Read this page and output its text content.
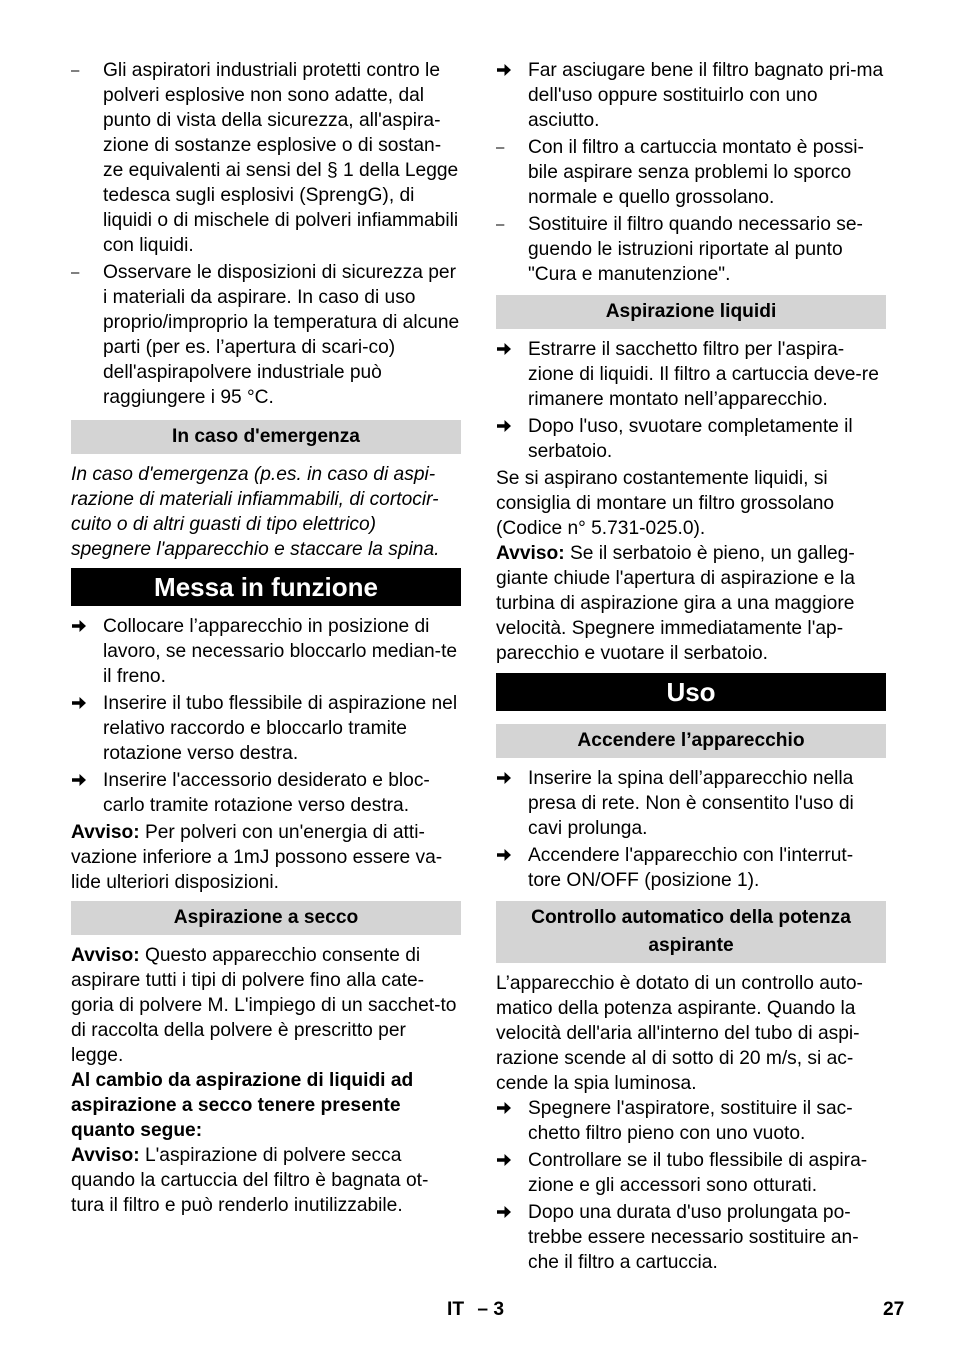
–	Gli aspiratori industriali protetti contro le polveri esplosive non sono adatte, dal punto di vista della sicurezza, all'aspira-zione di sostanze esplosive o di sostan-ze equivalenti ai sensi del § 1 della Legge tedesca sugli esplosivi (SprengG), di liquidi o di mischele di polveri infiammabili con liquidi.

–	Osservare le disposizioni di sicurezza per i materiali da aspirare. In caso di uso proprio/improprio la temperatura di alcune parti (per es. l’apertura di scari-co) dell'aspirapolvere industriale può raggiungere i 95 °C.

In caso d'emergenza

In caso d'emergenza (p.es. in caso di aspi-razione di materiali infiammabili, di cortocir-cuito o di altri guasti di tipo elettrico) spegnere l'apparecchio e staccare la spina.

Messa in funzione

Collocare l’apparecchio in posizione di lavoro, se necessario bloccarlo median-te il freno.

Inserire il tubo flessibile di aspirazione nel relativo raccordo e bloccarlo tramite rotazione verso destra.

Inserire l'accessorio desiderato e bloc-carlo tramite rotazione verso destra.

Avviso: Per polveri con un'energia di atti-vazione inferiore a 1mJ possono essere va-lide ulteriori disposizioni.

Aspirazione a secco

Avviso: Questo apparecchio consente di aspirare tutti i tipi di polvere fino alla cate-goria di polvere M. L'impiego di un sacchet-to di raccolta della polvere è prescritto per legge.

Al cambio da aspirazione di liquidi ad aspirazione a secco tenere presente quanto segue:

Avviso: L'aspirazione di polvere secca quando la cartuccia del filtro è bagnata ot-tura il filtro e può renderlo inutilizzabile.

Far asciugare bene il filtro bagnato pri-ma dell'uso oppure sostituirlo con uno asciutto.

–	Con il filtro a cartuccia montato è possi-bile aspirare senza problemi lo sporco normale e quello grossolano.

–	Sostituire il filtro quando necessario se-guendo le istruzioni riportate al punto "Cura e manutenzione".

Aspirazione liquidi

Estrarre il sacchetto filtro per l'aspira-zione di liquidi. Il filtro a cartuccia deve-re rimanere montato nell’apparecchio.

Dopo l'uso, svuotare completamente il serbatoio.

Se si aspirano costantemente liquidi, si consiglia di montare un filtro grossolano (Codice n° 5.731-025.0).

Avviso: Se il serbatoio è pieno, un galleg-giante chiude l'apertura di aspirazione e la turbina di aspirazione gira a una maggiore velocità. Spegnere immediatamente l'ap-parecchio e vuotare il serbatoio.

Uso
Accendere l’apparecchio

Inserire la spina dell’apparecchio nella presa di rete. Non è consentito l'uso di cavi prolunga.

Accendere l'apparecchio con l'interrut-tore ON/OFF (posizione 1).

Controllo automatico della potenza aspirante

L’apparecchio è dotato di un controllo auto-matico della potenza aspirante. Quando la velocità dell'aria all'interno del tubo di aspi-razione scende al di sotto di 20 m/s, si ac-cende la spia luminosa.

Spegnere l'aspiratore, sostituire il sac-chetto filtro pieno con uno vuoto.

Controllare se il tubo flessibile di aspira-zione e gli accessori sono otturati.

Dopo una durata d'uso prolungata po-trebbe essere necessario sostituire an-che il filtro a cartuccia.

IT – 3	27
